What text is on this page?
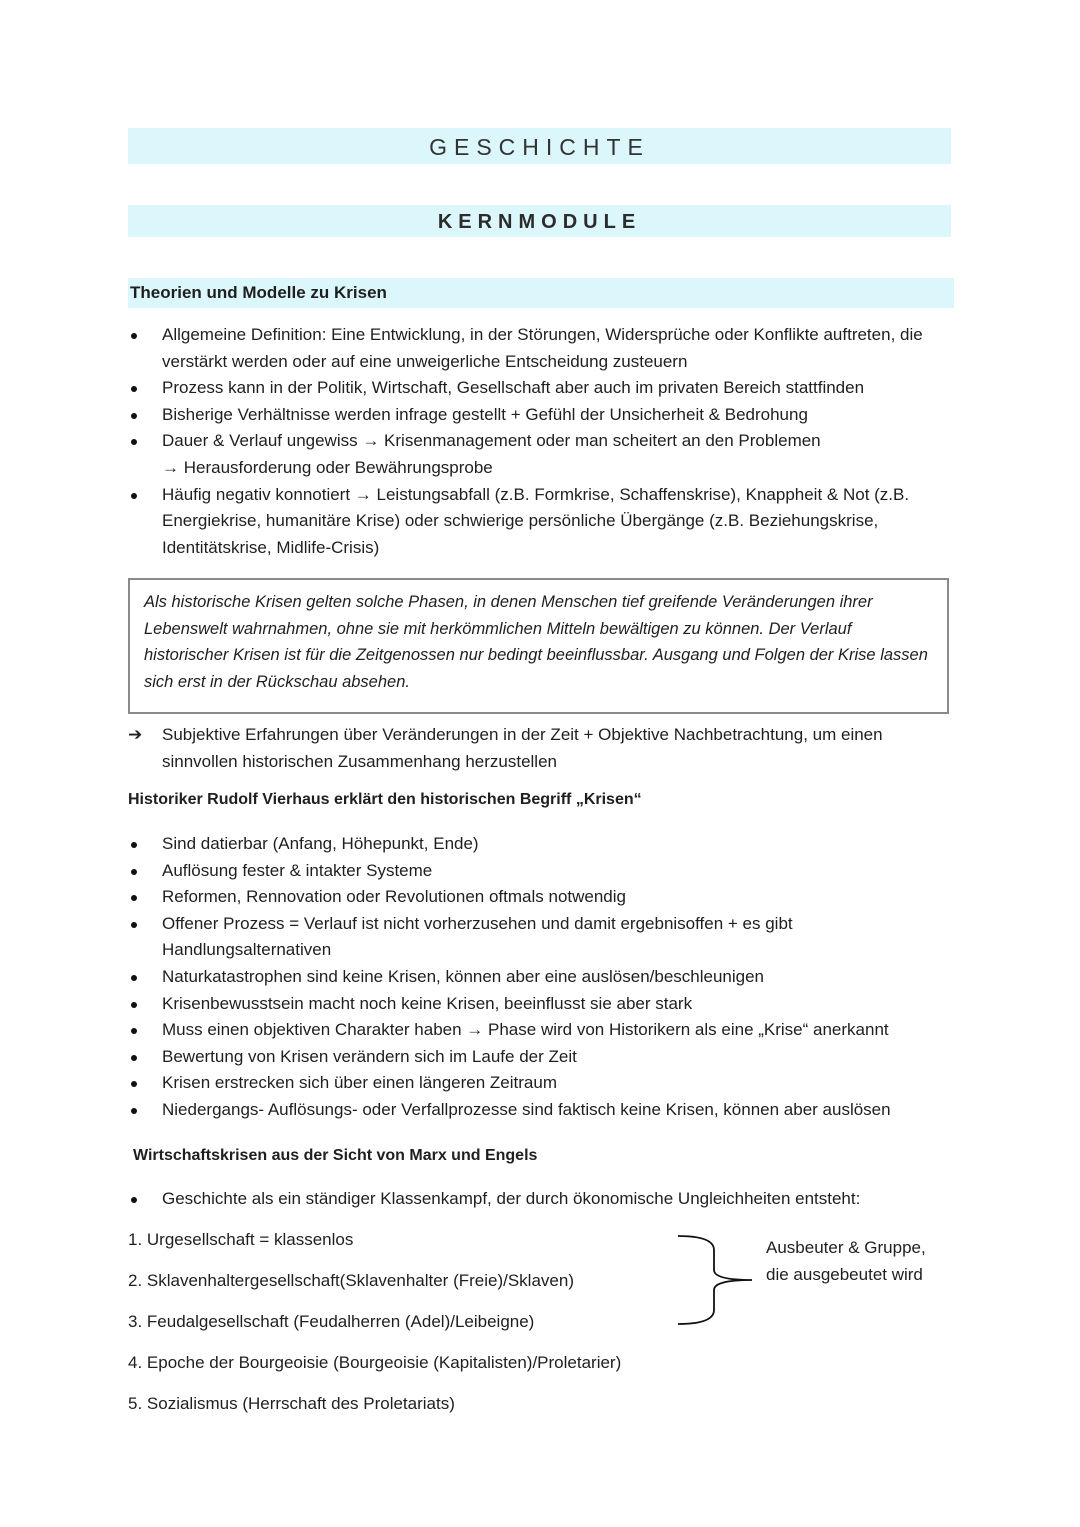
GESCHICHTE
KERNMODULE
Theorien und Modelle zu Krisen
Allgemeine Definition: Eine Entwicklung, in der Störungen, Widersprüche oder Konflikte auftreten, die verstärkt werden oder auf eine unweigerliche Entscheidung zusteuern
Prozess kann in der Politik, Wirtschaft, Gesellschaft aber auch im privaten Bereich stattfinden
Bisherige Verhältnisse werden infrage gestellt + Gefühl der Unsicherheit & Bedrohung
Dauer & Verlauf ungewiss → Krisenmanagement oder man scheitert an den Problemen
→ Herausforderung oder Bewährungsprobe
Häufig negativ konnotiert → Leistungsabfall (z.B. Formkrise, Schaffenskrise), Knappheit & Not (z.B. Energiekrise, humanitäre Krise) oder schwierige persönliche Übergänge (z.B. Beziehungskrise, Identitätskrise, Midlife-Crisis)
Als historische Krisen gelten solche Phasen, in denen Menschen tief greifende Veränderungen ihrer Lebenswelt wahrnahmen, ohne sie mit herkömmlichen Mitteln bewältigen zu können. Der Verlauf historischer Krisen ist für die Zeitgenossen nur bedingt beeinflussbar. Ausgang und Folgen der Krise lassen sich erst in der Rückschau absehen.
➔	Subjektive Erfahrungen über Veränderungen in der Zeit + Objektive Nachbetrachtung, um einen sinnvollen historischen Zusammenhang herzustellen
Historiker Rudolf Vierhaus erklärt den historischen Begriff „Krisen“
Sind datierbar (Anfang, Höhepunkt, Ende)
Auflösung fester & intakter Systeme
Reformen, Rennovation oder Revolutionen oftmals notwendig
Offener Prozess = Verlauf ist nicht vorherzusehen und damit ergebnisoffen + es gibt Handlungsalternativen
Naturkatastrophen sind keine Krisen, können aber eine auslösen/beschleunigen
Krisenbewusstsein macht noch keine Krisen, beeinflusst sie aber stark
Muss einen objektiven Charakter haben → Phase wird von Historikern als eine „Krise“ anerkannt
Bewertung von Krisen verändern sich im Laufe der Zeit
Krisen erstrecken sich über einen längeren Zeitraum
Niedergangs- Auflösungs- oder Verfallprozesse sind faktisch keine Krisen, können aber auslösen
Wirtschaftskrisen aus der Sicht von Marx und Engels
Geschichte als ein ständiger Klassenkampf, der durch ökonomische Ungleichheiten entsteht:
1. Urgesellschaft = klassenlos
2. Sklavenhaltergesellschaft(Sklavenhalter (Freie)/Sklaven)
3. Feudalgesellschaft (Feudalherren (Adel)/Leibeigne)
4. Epoche der Bourgeoisie (Bourgeoisie (Kapitalisten)/Proletarier)
5. Sozialismus (Herrschaft des Proletariats)
Ausbeuter & Gruppe, die ausgebeutet wird
